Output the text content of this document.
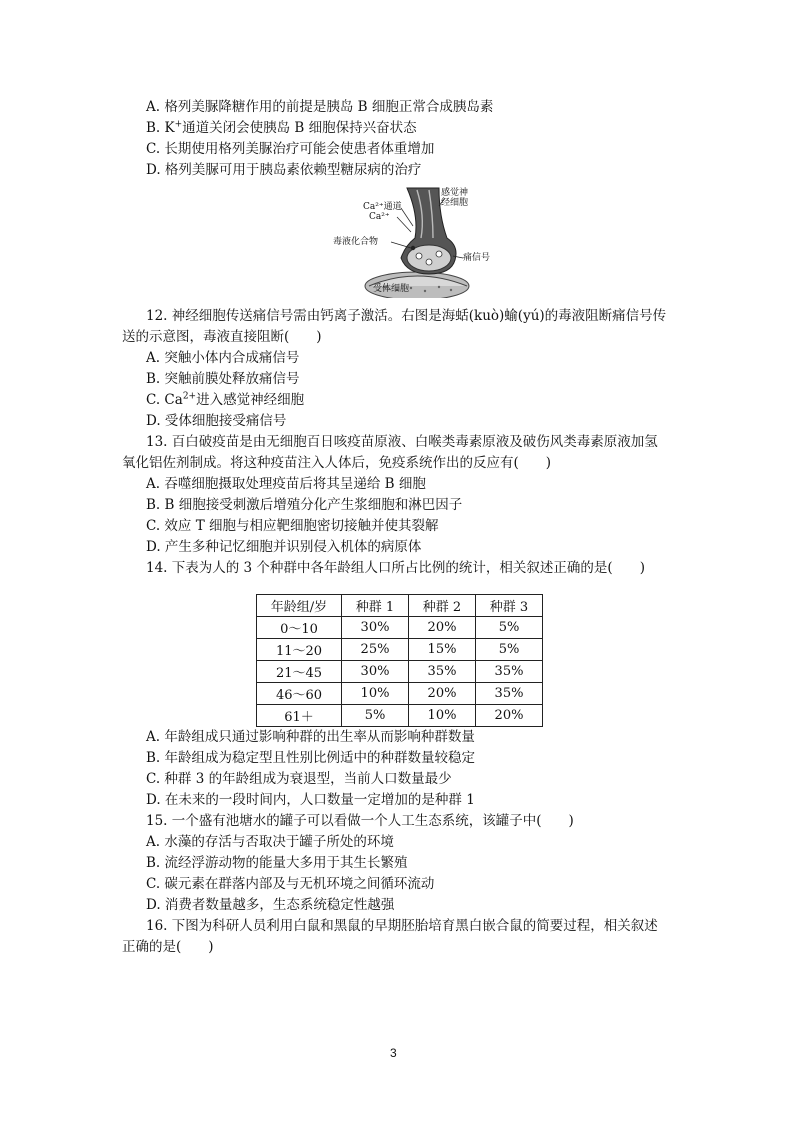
A. 格列美脲降糖作用的前提是胰岛 B 细胞正常合成胰岛素
B. K+通道关闭会使胰岛 B 细胞保持兴奋状态
C. 长期使用格列美脲治疗可能会使患者体重增加
D. 格列美脲可用于胰岛素依赖型糖尿病的治疗
感觉神
经细胞
Ca²⁺通道
Ca²⁺
毒液化合物
痛信号
受体细胞
12. 神经细胞传送痛信号需由钙离子激活。右图是海蛞(kuò)蝓(yú)的毒液阻断痛信号传
送的示意图，毒液直接阻断(　　)
A. 突触小体内合成痛信号
B. 突触前膜处释放痛信号
C. $Ca^{2+}$进入感觉神经细胞
D. 受体细胞接受痛信号
13. 百白破疫苗是由无细胞百日咳疫苗原液、白喉类毒素原液及破伤风类毒素原液加氢
氧化铝佐剂制成。将这种疫苗注入人体后，免疫系统作出的反应有(　　)
A. 吞噬细胞摄取处理疫苗后将其呈递给 B 细胞
B. B 细胞接受刺激后增殖分化产生浆细胞和淋巴因子
C. 效应 T 细胞与相应靶细胞密切接触并使其裂解
D. 产生多种记忆细胞并识别侵入机体的病原体
14. 下表为人的 3 个种群中各年龄组人口所占比例的统计，相关叙述正确的是(　　)
年龄组/岁	种群 1	种群 2	种群 3
0～10	30%	20%	5%
11～20	25%	15%	5%
21～45	30%	35%	35%
46～60	10%	20%	35%
61＋	5%	10%	20%
A. 年龄组成只通过影响种群的出生率从而影响种群数量
B. 年龄组成为稳定型且性别比例适中的种群数量较稳定
C. 种群 3 的年龄组成为衰退型，当前人口数量最少
D. 在未来的一段时间内，人口数量一定增加的是种群 1
15. 一个盛有池塘水的罐子可以看做一个人工生态系统，该罐子中(　　)
A. 水藻的存活与否取决于罐子所处的环境
B. 流经浮游动物的能量大多用于其生长繁殖
C. 碳元素在群落内部及与无机环境之间循环流动
D. 消费者数量越多，生态系统稳定性越强
16. 下图为科研人员利用白鼠和黑鼠的早期胚胎培育黑白嵌合鼠的简要过程，相关叙述
正确的是(　　)
3
